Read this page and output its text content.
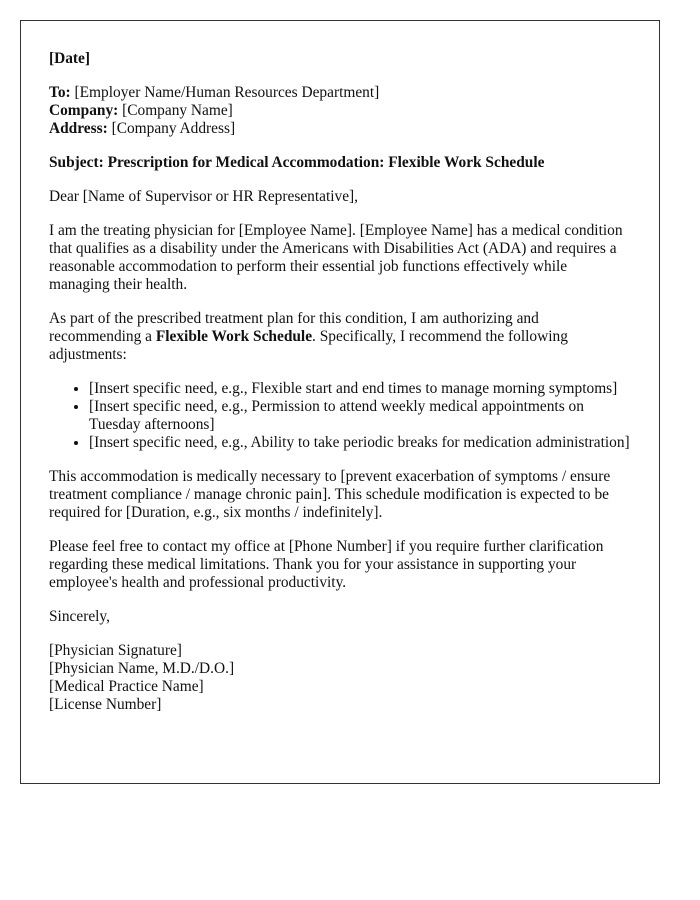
[Date]

To: [Employer Name/Human Resources Department]

Company: [Company Name]

Address: [Company Address]

Subject: Prescription for Medical Accommodation: Flexible Work Schedule

Dear [Name of Supervisor or HR Representative],

I am the treating physician for [Employee Name]. [Employee Name] has a medical condition that qualifies as a disability under the Americans with Disabilities Act (ADA) and requires a reasonable accommodation to perform their essential job functions effectively while managing their health.

As part of the prescribed treatment plan for this condition, I am authorizing and recommending a Flexible Work Schedule. Specifically, I recommend the following adjustments:

• [Insert specific need, e.g., Flexible start and end times to manage morning symptoms]
• [Insert specific need, e.g., Permission to attend weekly medical appointments on Tuesday afternoons]
• [Insert specific need, e.g., Ability to take periodic breaks for medication administration]

This accommodation is medically necessary to [prevent exacerbation of symptoms / ensure treatment compliance / manage chronic pain]. This schedule modification is expected to be required for [Duration, e.g., six months / indefinitely].

Please feel free to contact my office at [Phone Number] if you require further clarification regarding these medical limitations. Thank you for your assistance in supporting your employee's health and professional productivity.

Sincerely,

[Physician Signature]

[Physician Name, M.D./D.O.]

[Medical Practice Name]

[License Number]
